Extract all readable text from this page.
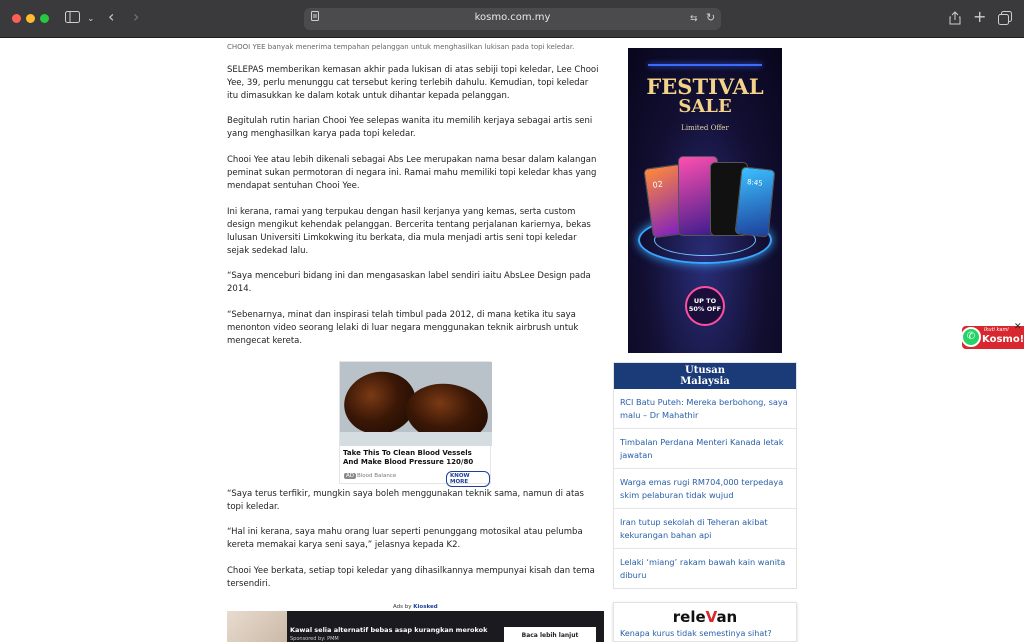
⌄ ‹ ›	kosmo.com.my	⇆ ↻	+
CHOOI YEE banyak menerima tempahan pelanggan untuk menghasilkan lukisan pada topi keledar.

SELEPAS memberikan kemasan akhir pada lukisan di atas sebiji topi keledar, Lee Chooi Yee, 39, perlu menunggu cat tersebut kering terlebih dahulu. Kemudian, topi keledar itu dimasukkan ke dalam kotak untuk dihantar kepada pelanggan.

Begitulah rutin harian Chooi Yee selepas wanita itu memilih kerjaya sebagai artis seni yang menghasilkan karya pada topi keledar.

Chooi Yee atau lebih dikenali sebagai Abs Lee merupakan nama besar dalam kalangan peminat sukan permotoran di negara ini. Ramai mahu memiliki topi keledar khas yang mendapat sentuhan Chooi Yee.

Ini kerana, ramai yang terpukau dengan hasil kerjanya yang kemas, serta custom design mengikut kehendak pelanggan. Bercerita tentang perjalanan kariernya, bekas lulusan Universiti Limkokwing itu berkata, dia mula menjadi artis seni topi keledar sejak sedekad lalu.

“Saya menceburi bidang ini dan mengasaskan label sendiri iaitu AbsLee Design pada 2014.

“Sebenarnya, minat dan inspirasi telah timbul pada 2012, di mana ketika itu saya menonton video seorang lelaki di luar negara menggunakan teknik airbrush untuk mengecat kereta.

Take This To Clean Blood Vessels And Make Blood Pressure 120/80
AD Blood Balance	KNOW MORE

“Saya terus terfikir, mungkin saya boleh menggunakan teknik sama, namun di atas topi keledar.

“Hal ini kerana, saya mahu orang luar seperti penunggang motosikal atau pelumba kereta memakai karya seni saya,” jelasnya kepada K2.

Chooi Yee berkata, setiap topi keledar yang dihasilkannya mempunyai kisah dan tema tersendiri.

Ads by Kiosked
Kawal selia alternatif bebas asap kurangkan merokok
Sponsored by: PMM	Baca lebih lanjut
FESTIVAL
SALE
Limited Offer
02	8:45
UP TO 50% OFF
Utusan
Malaysia
RCI Batu Puteh: Mereka berbohong, saya malu – Dr Mahathir
Timbalan Perdana Menteri Kanada letak jawatan
Warga emas rugi RM704,000 terpedaya skim pelaburan tidak wujud
Iran tutup sekolah di Teheran akibat kekurangan bahan api
Lelaki ‘miang’ rakam bawah kain wanita diburu
releVan
Kenapa kurus tidak semestinya sihat?
✆
Ikuti kami
Kosmo!
✕
